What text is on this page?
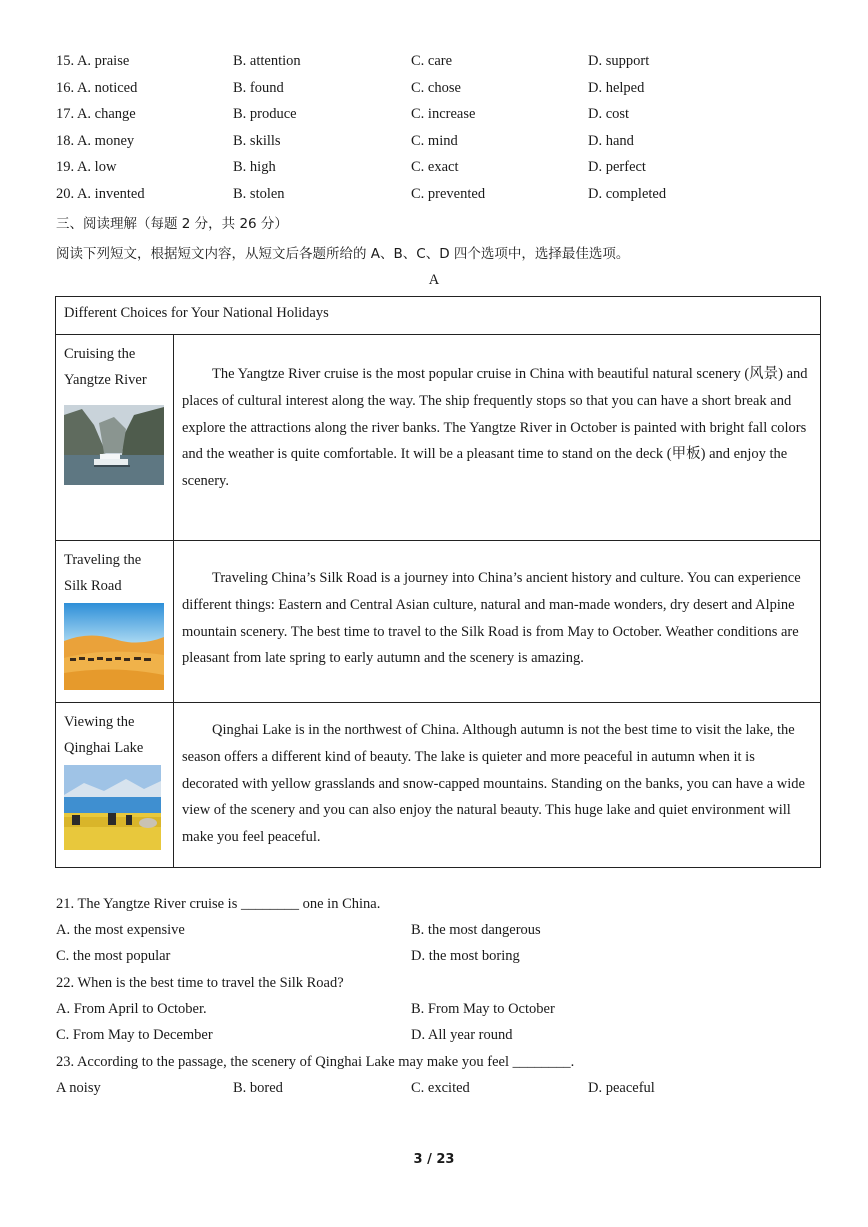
15. A. praise	B. attention	C. care	D. support
16. A. noticed	B. found	C. chose	D. helped
17. A. change	B. produce	C. increase	D. cost
18. A. money	B. skills	C. mind	D. hand
19. A. low	B. high	C. exact	D. perfect
20. A. invented	B. stolen	C. prevented	D. completed
三、阅读理解（每题 2 分，共 26 分）
阅读下列短文，根据短文内容，从短文后各题所给的 A、B、C、D 四个选项中，选择最佳选项。
A
Different Choices for Your National Holidays	

Cruising the
Yangtze River	The Yangtze River cruise is the most popular cruise in China with beautiful natural scenery (风景) and places of cultural interest along the way. The ship frequently stops so that you can have a short break and explore the attractions along the river banks. The Yangtze River in October is painted with bright fall colors and the weather is quite comfortable. It will be a pleasant time to stand on the deck (甲板) and enjoy the scenery.

Traveling the
Silk Road	Traveling China’s Silk Road is a journey into China’s ancient history and culture. You can experience different things: Eastern and Central Asian culture, natural and man-made wonders, dry desert and Alpine mountain scenery. The best time to travel to the Silk Road is from May to October. Weather conditions are pleasant from late spring to early autumn and the scenery is amazing.

Viewing the
Qinghai Lake	Qinghai Lake is in the northwest of China. Although autumn is not the best time to visit the lake, the season offers a different kind of beauty. The lake is quieter and more peaceful in autumn when it is decorated with yellow grasslands and snow-capped mountains. Standing on the banks, you can have a wide view of the scenery and you can also enjoy the natural beauty. This huge lake and quiet environment will make you feel peaceful.

21. The Yangtze River cruise is ________ one in China.
A. the most expensive	B. the most dangerous
C. the most popular	D. the most boring
22. When is the best time to travel the Silk Road?
A. From April to October.	B. From May to October
C. From May to December	D. All year round
23. According to the passage, the scenery of Qinghai Lake may make you feel ________.
A noisy	B. bored	C. excited	D. peaceful
3 / 23
